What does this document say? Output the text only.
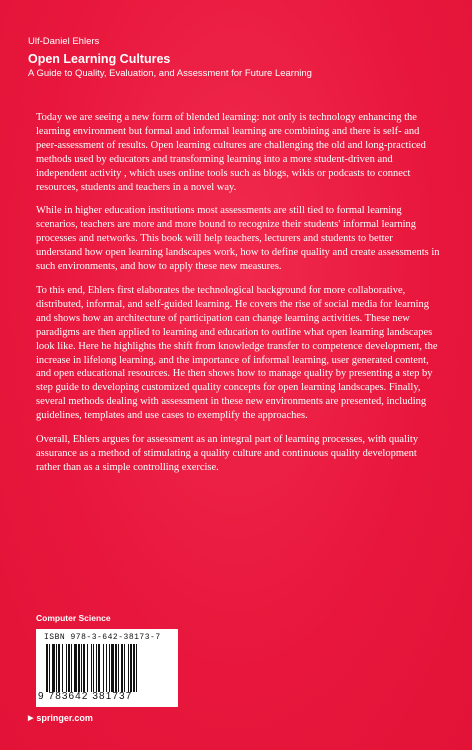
Ulf-Daniel Ehlers
Open Learning Cultures
A Guide to Quality, Evaluation, and Assessment for Future Learning

Today we are seeing a new form of blended learning: not only is technology enhancing the learning environment but formal and informal learning are combining and there is self- and peer-assessment of results. Open learning cultures are challenging the old and long-practiced methods used by educators and transforming learning into a more student-driven and independent activity , which uses online tools such as blogs, wikis or podcasts to connect resources, students and teachers in a novel way.

While in higher education institutions most assessments are still tied to formal learning scenarios, teachers are more and more bound to recognize their students' informal learning processes and networks. This book will help teachers, lecturers and students to better understand how open learning landscapes work, how to define quality and create assessments in such environments, and how to apply these new measures.

To this end, Ehlers first elaborates the technological background for more collaborative, distributed, informal, and self-guided learning. He covers the rise of social media for learning and shows how an architecture of participation can change learning activities. These new paradigms are then applied to learning and education to outline what open learning landscapes look like. Here he highlights the shift from knowledge transfer to competence development, the increase in lifelong learning, and the importance of informal learning, user generated content, and open educational resources. He then shows how to manage quality by presenting a step by step guide to developing customized quality concepts for open learning landscapes. Finally, several methods dealing with assessment in these new environments are presented, including guidelines, templates and use cases to exemplify the approaches.

Overall, Ehlers argues for assessment as an integral part of learning processes, with quality assurance as a method of stimulating a quality culture and continuous quality development rather than as a simple controlling exercise.

Computer Science
ISBN 978-3-642-38173-7
9 783642 381737
▶ springer.com
